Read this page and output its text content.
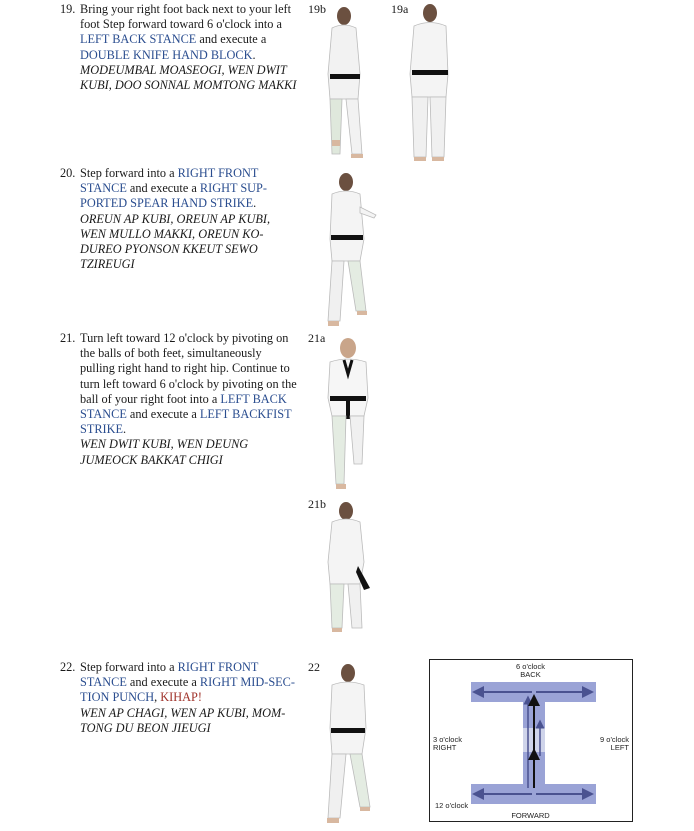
19. Bring your right foot back next to your left
foot Step forward toward 6 o'clock into a
LEFT BACK STANCE and execute a
DOUBLE KNIFE HAND BLOCK.
MODEUMBAL MOASEOGI, WEN DWIT
KUBI, DOO SONNAL MOMTONG MAKKI
20. Step forward into a RIGHT FRONT
STANCE and execute a RIGHT SUP-
PORTED SPEAR HAND STRIKE.
OREUN AP KUBI, OREUN AP KUBI,
WEN MULLO MAKKI, OREUN KO-
DUREO PYONSON KKEUT SEWO
TZIREUGI
21. Turn left toward 12 o'clock by pivoting on
the balls of both feet, simultaneously
pulling right hand to right hip. Continue to
turn left toward 6 o'clock by pivoting on the
ball of your right foot into a LEFT BACK
STANCE and execute a LEFT BACKFIST
STRIKE.
WEN DWIT KUBI, WEN DEUNG
JUMEOCK BAKKAT CHIGI
22. Step forward into a RIGHT FRONT
STANCE and execute a RIGHT MID-SEC-
TION PUNCH, KIHAP!
WEN AP CHAGI, WEN AP KUBI, MOM-
TONG DU BEON JIEUGI
19b	19a
21a
21b
22	6 o'clock
BACK
3 o'clock
RIGHT
9 o'clock
LEFT
12 o'clock
FORWARD
